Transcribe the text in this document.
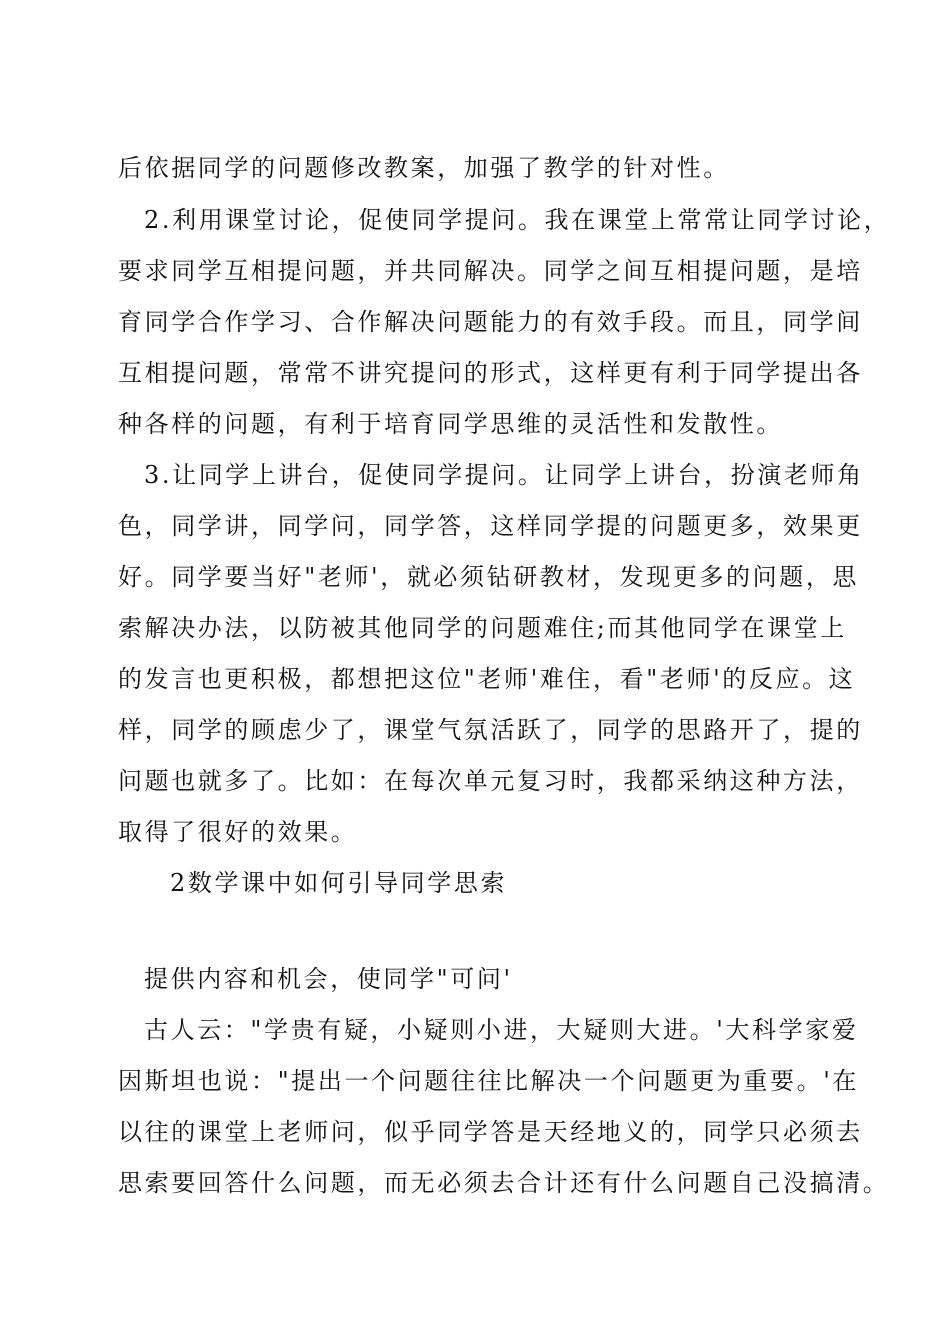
后依据同学的问题修改教案，加强了教学的针对性。
2.利用课堂讨论，促使同学提问。我在课堂上常常让同学讨论，
要求同学互相提问题，并共同解决。同学之间互相提问题，是培
育同学合作学习、合作解决问题能力的有效手段。而且，同学间
互相提问题，常常不讲究提问的形式，这样更有利于同学提出各
种各样的问题，有利于培育同学思维的灵活性和发散性。
3.让同学上讲台，促使同学提问。让同学上讲台，扮演老师角
色，同学讲，同学问，同学答，这样同学提的问题更多，效果更
好。同学要当好"老师'，就必须钻研教材，发现更多的问题，思
索解决办法，以防被其他同学的问题难住;而其他同学在课堂上
的发言也更积极，都想把这位"老师'难住，看"老师'的反应。这
样，同学的顾虑少了，课堂气氛活跃了，同学的思路开了，提的
问题也就多了。比如：在每次单元复习时，我都采纳这种方法，
取得了很好的效果。
2数学课中如何引导同学思索
提供内容和机会，使同学"可问'
古人云："学贵有疑，小疑则小进，大疑则大进。'大科学家爱
因斯坦也说："提出一个问题往往比解决一个问题更为重要。'在
以往的课堂上老师问，似乎同学答是天经地义的，同学只必须去
思索要回答什么问题，而无必须去合计还有什么问题自己没搞清。
